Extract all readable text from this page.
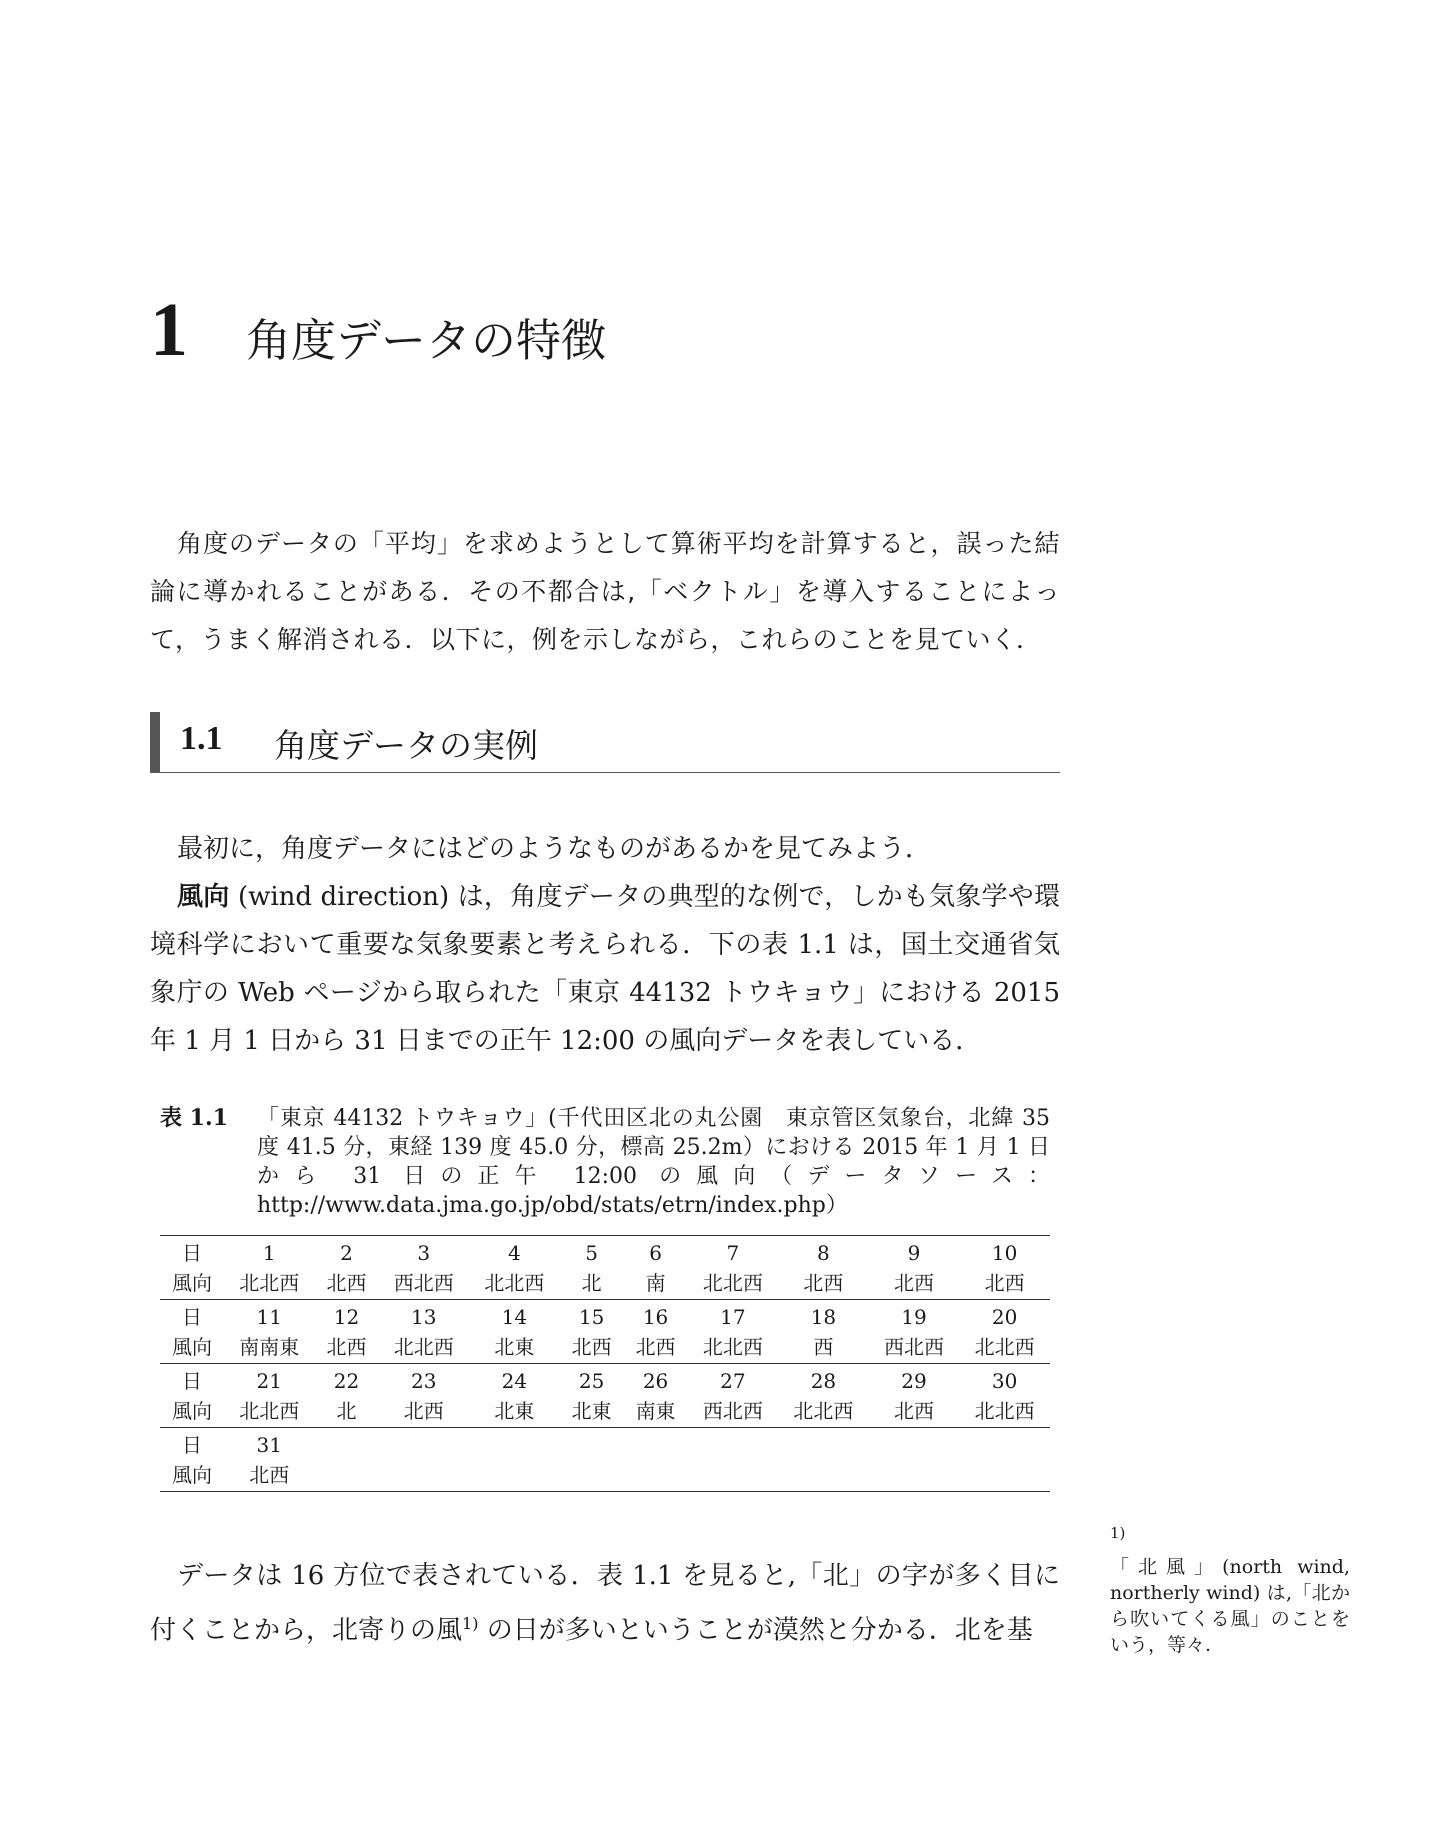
1 角度データの特徴

角度のデータの「平均」を求めようとして算術平均を計算すると，誤った結論に導かれることがある．その不都合は,「ベクトル」を導入することによって，うまく解消される．以下に，例を示しながら，これらのことを見ていく．

1.1 角度データの実例

最初に，角度データにはどのようなものがあるかを見てみよう．

風向 (wind direction) は，角度データの典型的な例で，しかも気象学や環境科学において重要な気象要素と考えられる．下の表 1.1 は，国土交通省気象庁の Web ページから取られた「東京 44132 トウキョウ」における 2015 年 1 月 1 日から 31 日までの正午 12:00 の風向データを表している．

表 1.1 「東京 44132 トウキョウ」(千代田区北の丸公園　東京管区気象台，北緯 35 度 41.5 分，東経 139 度 45.0 分，標高 25.2m）における 2015 年 1 月 1 日から 31 日の正午 12:00 の風向（データソース：http://www.data.jma.go.jp/obd/stats/etrn/index.php）
日	1	2	3	4	5	6	7	8	9	10
風向	北北西	北西	西北西	北北西	北	南	北北西	北西	北西	北西
日	11	12	13	14	15	16	17	18	19	20
風向	南南東	北西	北北西	北東	北西	北西	北北西	西	西北西	北北西
日	21	22	23	24	25	26	27	28	29	30
風向	北北西	北	北西	北東	北東	南東	西北西	北北西	北西	北北西
日	31									
風向	北西									

データは 16 方位で表されている．表 1.1 を見ると,「北」の字が多く目に付くことから，北寄りの風$^{1)}$ の日が多いということが漠然と分かる．北を基

1)
「北風」(north wind, northerly wind) は,「北から吹いてくる風」のことをいう，等々.
